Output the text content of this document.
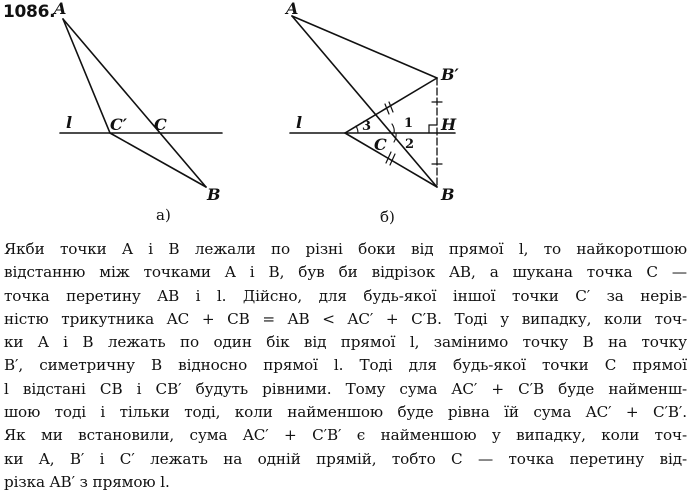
1086.
A
C′ C
l
B
а)
A
B′
H
l
C
B
3	1
2
б)
Якби точки A і B лежали по різні боки від прямої l, то найкоротшою
відстанню між точками A і B, був би відрізок AB, а шукана точка C —
точка перетину AB і l. Дійсно, для будь-якої іншої точки C′ за нерів-
ністю трикутника AC + CB = AB < AC′ + C′B. Тоді у випадку, коли точ-
ки A і B лежать по один бік від прямої l, замінимо точку B на точку
B′, симетричну B відносно прямої l. Тоді для будь-якої точки C прямої
l відстані CB і CB′ будуть рівними. Тому сума AC′ + C′B буде найменш-
шою тоді і тільки тоді, коли найменшою буде рівна їй сума AC′ + C′B′.
Як ми встановили, сума AC′ + C′B′ є найменшою у випадку, коли точ-
ки A, B′ і C′ лежать на одній прямій, тобто C — точка перетину від-
різка AB′ з прямою l.
